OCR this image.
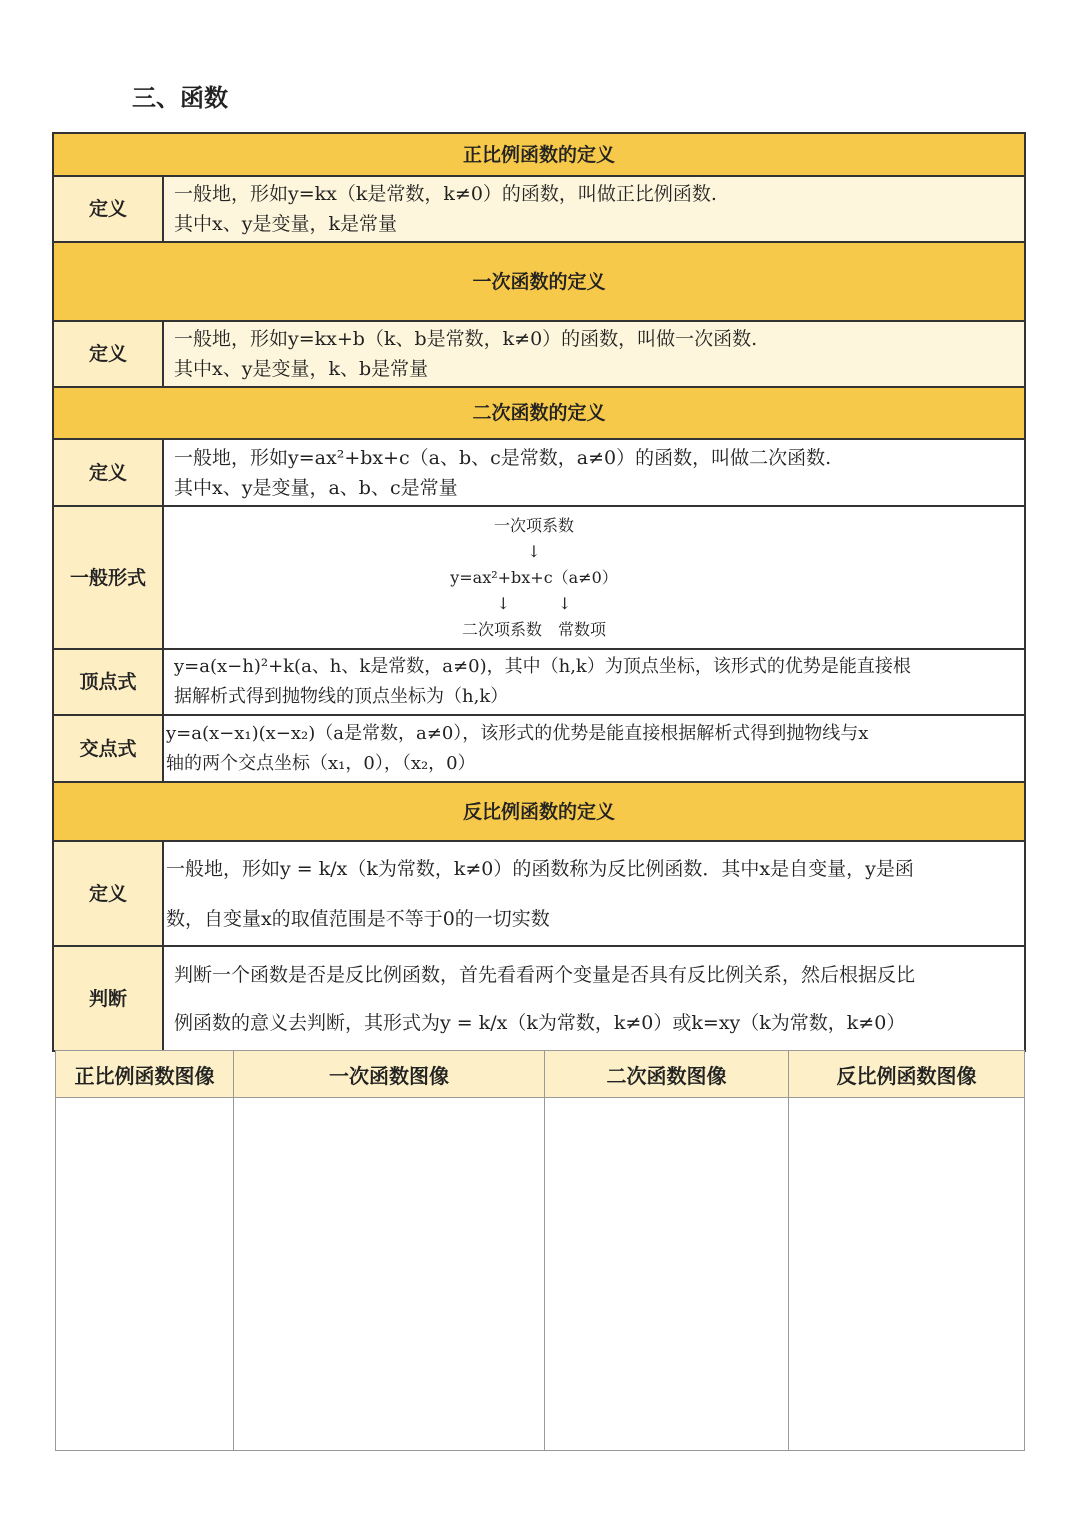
三、函数
正比例函数的定义	
定义	一般地，形如y=kx（k是常数，k≠0）的函数，叫做正比例函数.
其中x、y是变量，k是常量

一次函数的定义	
定义	一般地，形如y=kx+b（k、b是常数，k≠0）的函数，叫做一次函数.
其中x、y是变量，k、b是常量

二次函数的定义	
定义	一般地，形如y=ax²+bx+c（a、b、c是常数，a≠0）的函数，叫做二次函数.
其中x、y是变量，a、b、c是常量

一般形式	一次项系数
↓
y=ax²+bx+c（a≠0）
↓　　　↓
二次项系数　常数项

顶点式	y=a(x−h)²+k(a、h、k是常数，a≠0)，其中（h,k）为顶点坐标，该形式的优势是能直接根
据解析式得到抛物线的顶点坐标为（h,k）

交点式	y=a(x−x₁)(x−x₂)（a是常数，a≠0），该形式的优势是能直接根据解析式得到抛物线与x
轴的两个交点坐标（x₁，0），（x₂，0）

反比例函数的定义	
定义	一般地，形如y = k/x（k为常数，k≠0）的函数称为反比例函数．其中x是自变量，y是函
数，自变量x的取值范围是不等于0的一切实数

判断	判断一个函数是否是反比例函数，首先看看两个变量是否具有反比例关系，然后根据反比
例函数的意义去判断，其形式为y = k/x（k为常数，k≠0）或k=xy（k为常数，k≠0）
正比例函数图像	一次函数图像	二次函数图像	反比例函数图像
